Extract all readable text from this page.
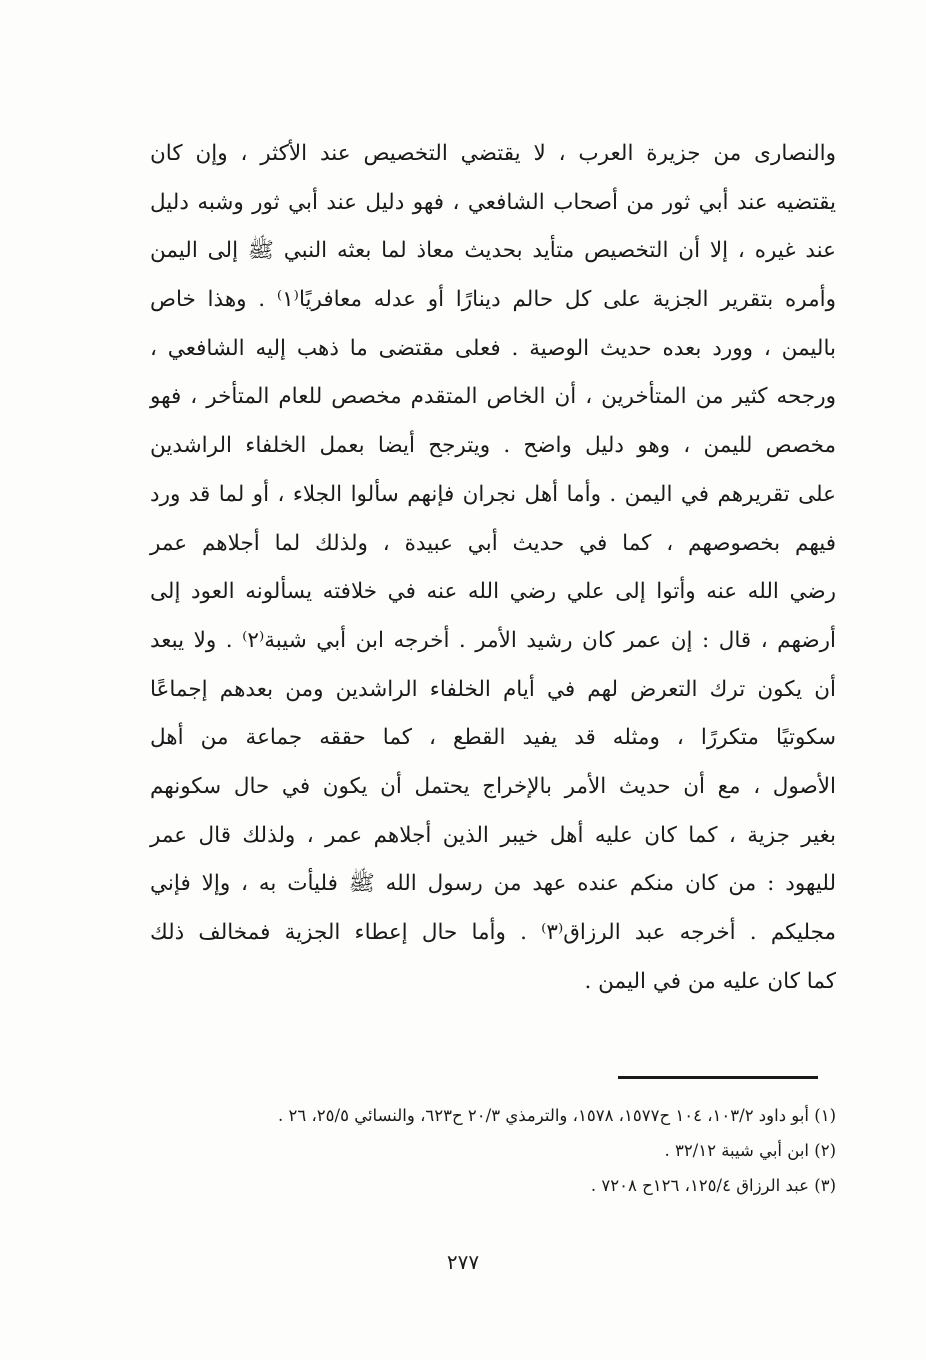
والنصارى من جزيرة العرب ، لا يقتضي التخصيص عند الأكثر ، وإن كان
يقتضيه عند أبي ثور من أصحاب الشافعي ، فهو دليل عند أبي ثور وشبه دليل
عند غيره ، إلا أن التخصيص متأيد بحديث معاذ لما بعثه النبي ﷺ إلى اليمن
وأمره بتقرير الجزية على كل حالم دينارًا أو عدله معافريًا⁽١⁾ . وهذا خاص
باليمن ، وورد بعده حديث الوصية . فعلى مقتضى ما ذهب إليه الشافعي ،
ورجحه كثير من المتأخرين ، أن الخاص المتقدم مخصص للعام المتأخر ، فهو
مخصص لليمن ، وهو دليل واضح . ويترجح أيضا بعمل الخلفاء الراشدين
على تقريرهم في اليمن . وأما أهل نجران فإنهم سألوا الجلاء ، أو لما قد ورد
فيهم بخصوصهم ، كما في حديث أبي عبيدة ، ولذلك لما أجلاهم عمر
رضي الله عنه وأتوا إلى علي رضي الله عنه في خلافته يسألونه العود إلى
أرضهم ، قال : إن عمر كان رشيد الأمر . أخرجه ابن أبي شيبة⁽٢⁾ . ولا يبعد
أن يكون ترك التعرض لهم في أيام الخلفاء الراشدين ومن بعدهم إجماعًا
سكوتيًا متكررًا ، ومثله قد يفيد القطع ، كما حققه جماعة من أهل
الأصول ، مع أن حديث الأمر بالإخراج يحتمل أن يكون في حال سكونهم
بغير جزية ، كما كان عليه أهل خيبر الذين أجلاهم عمر ، ولذلك قال عمر
لليهود : من كان منكم عنده عهد من رسول الله ﷺ فليأت به ، وإلا فإني
مجليكم . أخرجه عبد الرزاق⁽٣⁾ . وأما حال إعطاء الجزية فمخالف ذلك
كما كان عليه من في اليمن .
(١) أبو داود ١٠٣/٢، ١٠٤ ح١٥٧٧، ١٥٧٨، والترمذي ٢٠/٣ ح٦٢٣، والنسائي ٢٥/٥، ٢٦ .
(٢) ابن أبي شيبة ٣٢/١٢ .
(٣) عبد الرزاق ١٢٥/٤، ١٢٦ح ٧٢٠٨ .
٢٧٧
